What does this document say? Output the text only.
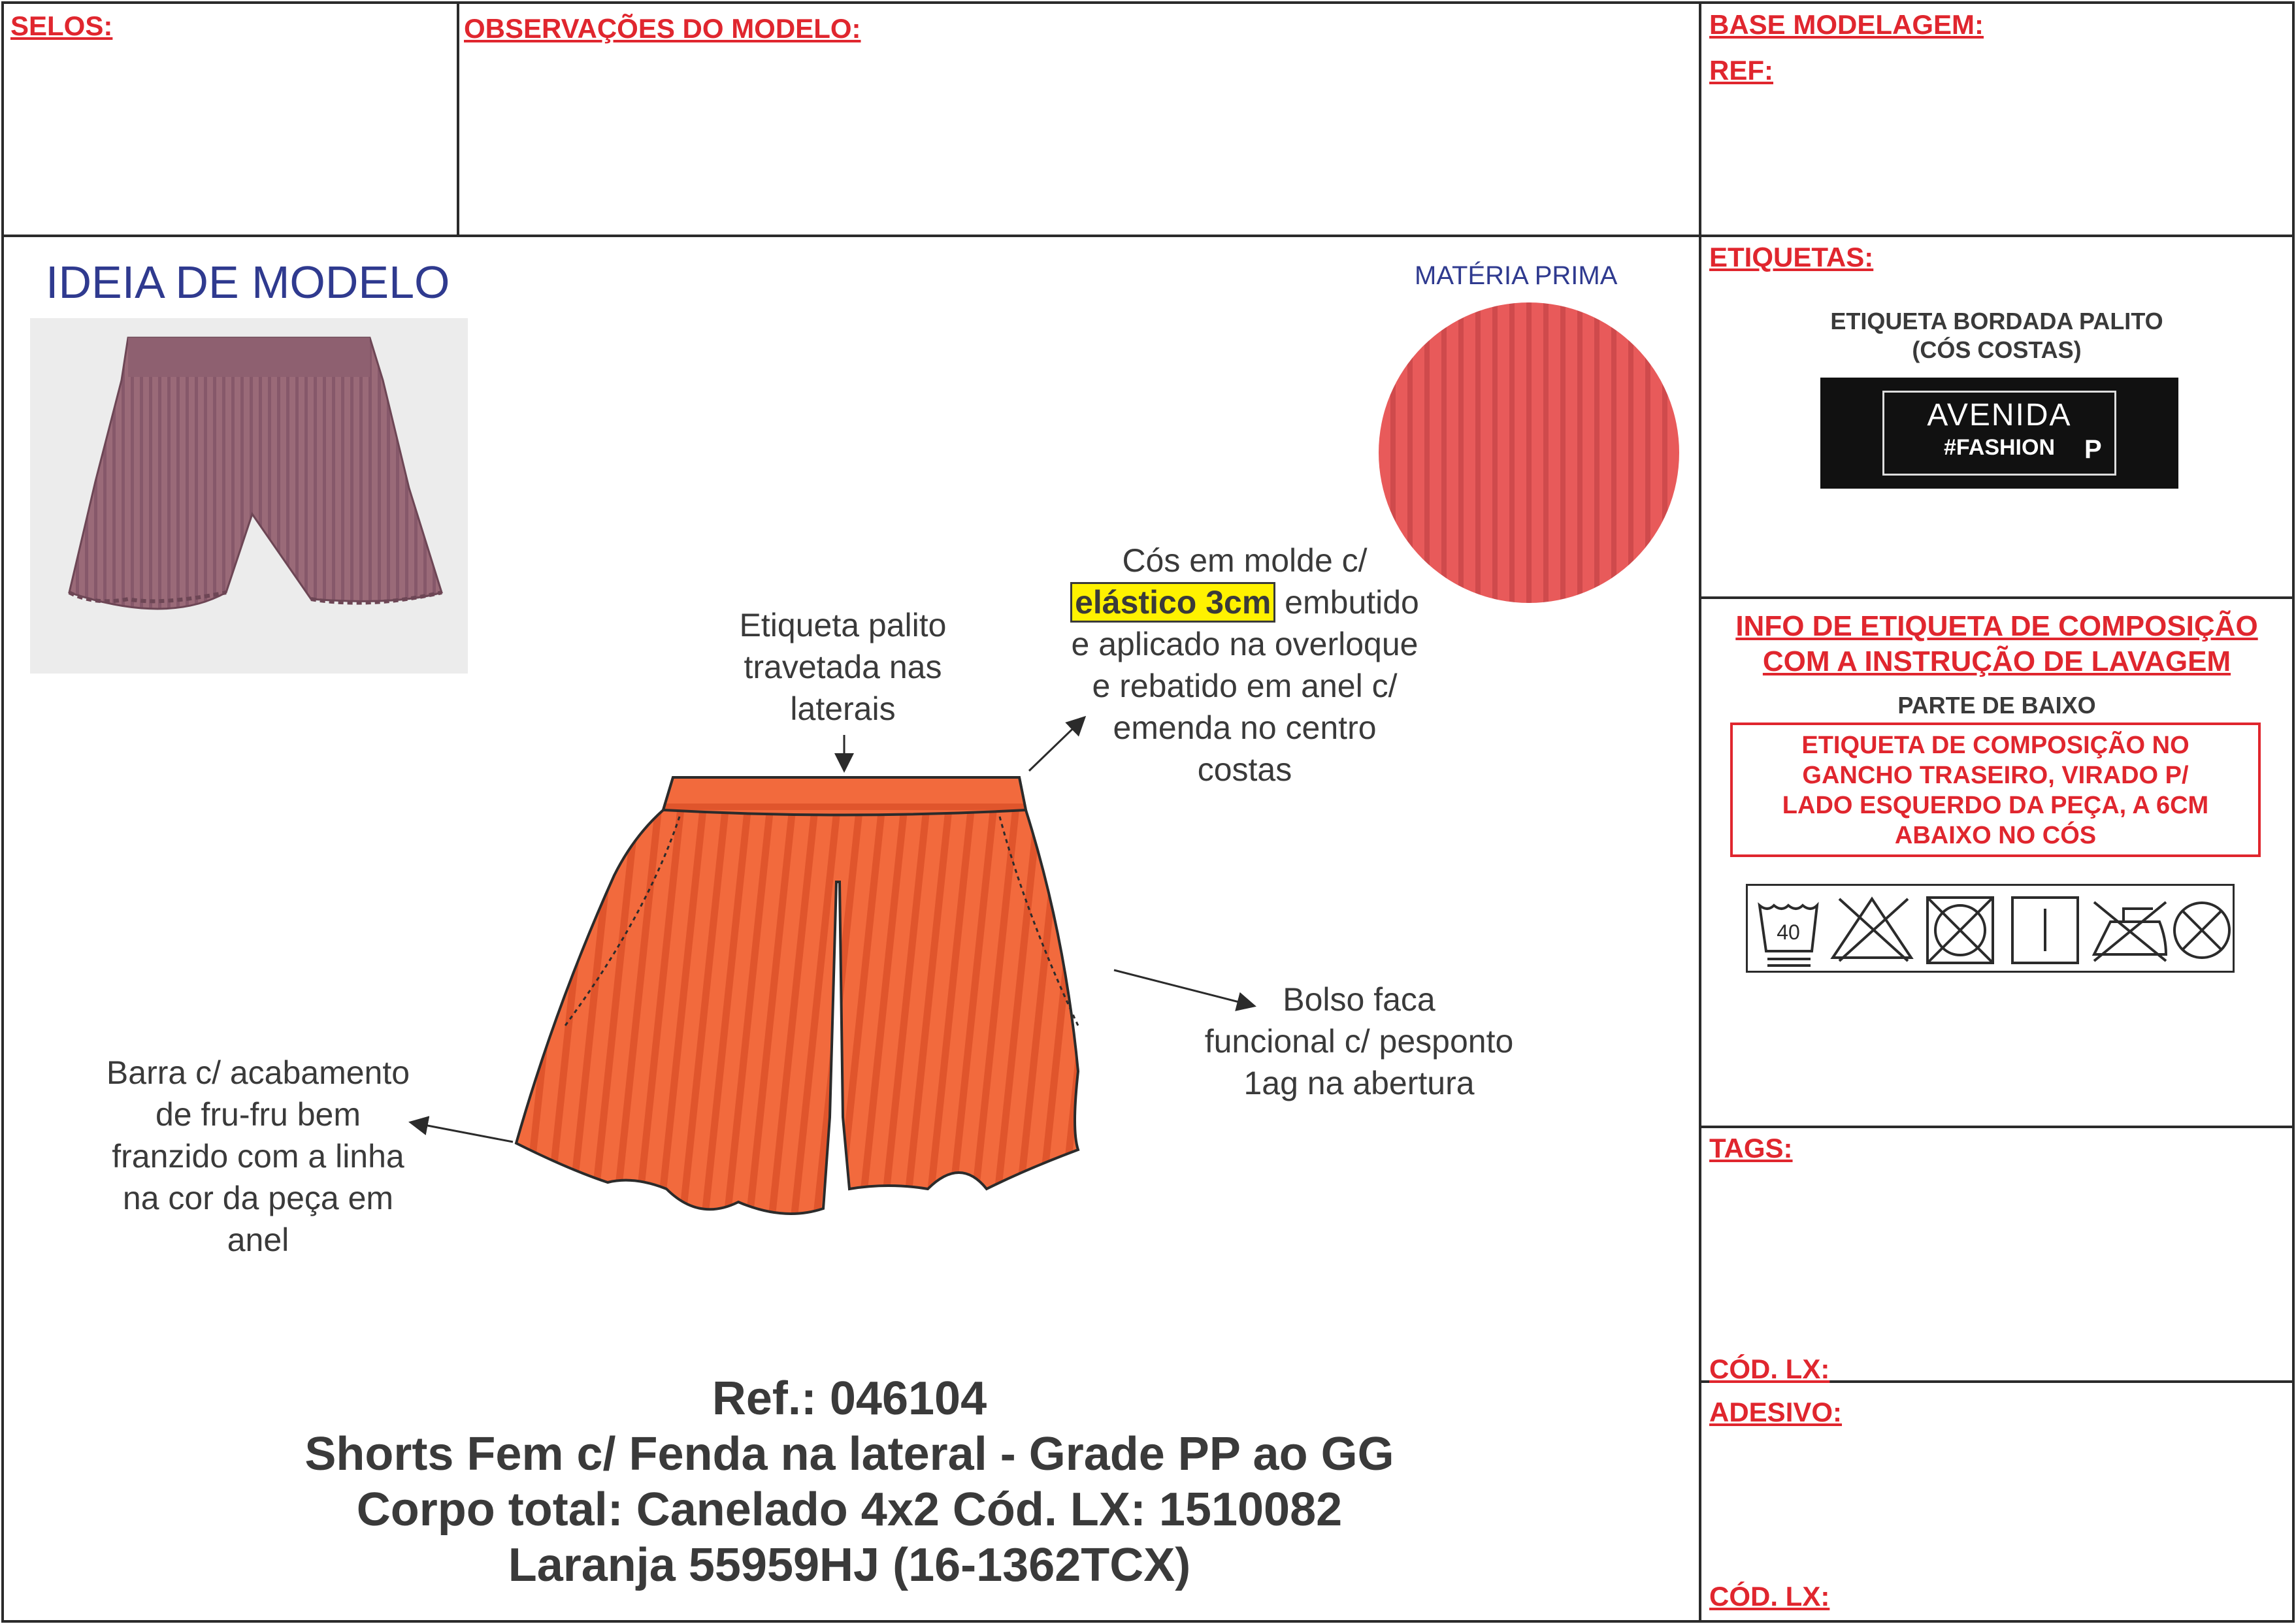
SELOS:	OBSERVAÇÕES DO MODELO:	BASE MODELAGEM:
REF:
IDEIA DE MODELO	MATÉRIA PRIMA
Etiqueta palito
travetada nas
laterais
Cós em molde c/
elástico 3cm embutido
e aplicado na overloque
e rebatido em anel c/
emenda no centro
costas
Bolso faca
funcional c/ pesponto
1ag na abertura
Barra c/ acabamento
de fru-fru bem
franzido com a linha
na cor da peça em
anel
Ref.: 046104
Shorts Fem c/ Fenda na lateral - Grade PP ao GG
Corpo total: Canelado 4x2 Cód. LX: 1510082
Laranja 55959HJ (16-1362TCX)
ETIQUETAS:
ETIQUETA BORDADA PALITO
(CÓS COSTAS)
AVENIDA
#FASHION	P
INFO DE ETIQUETA DE COMPOSIÇÃO
COM A INSTRUÇÃO DE LAVAGEM
PARTE DE BAIXO
ETIQUETA DE COMPOSIÇÃO NO
GANCHO TRASEIRO, VIRADO P/
LADO ESQUERDO DA PEÇA, A 6CM
ABAIXO NO CÓS
40
TAGS:
CÓD. LX:
ADESIVO:
CÓD. LX:
